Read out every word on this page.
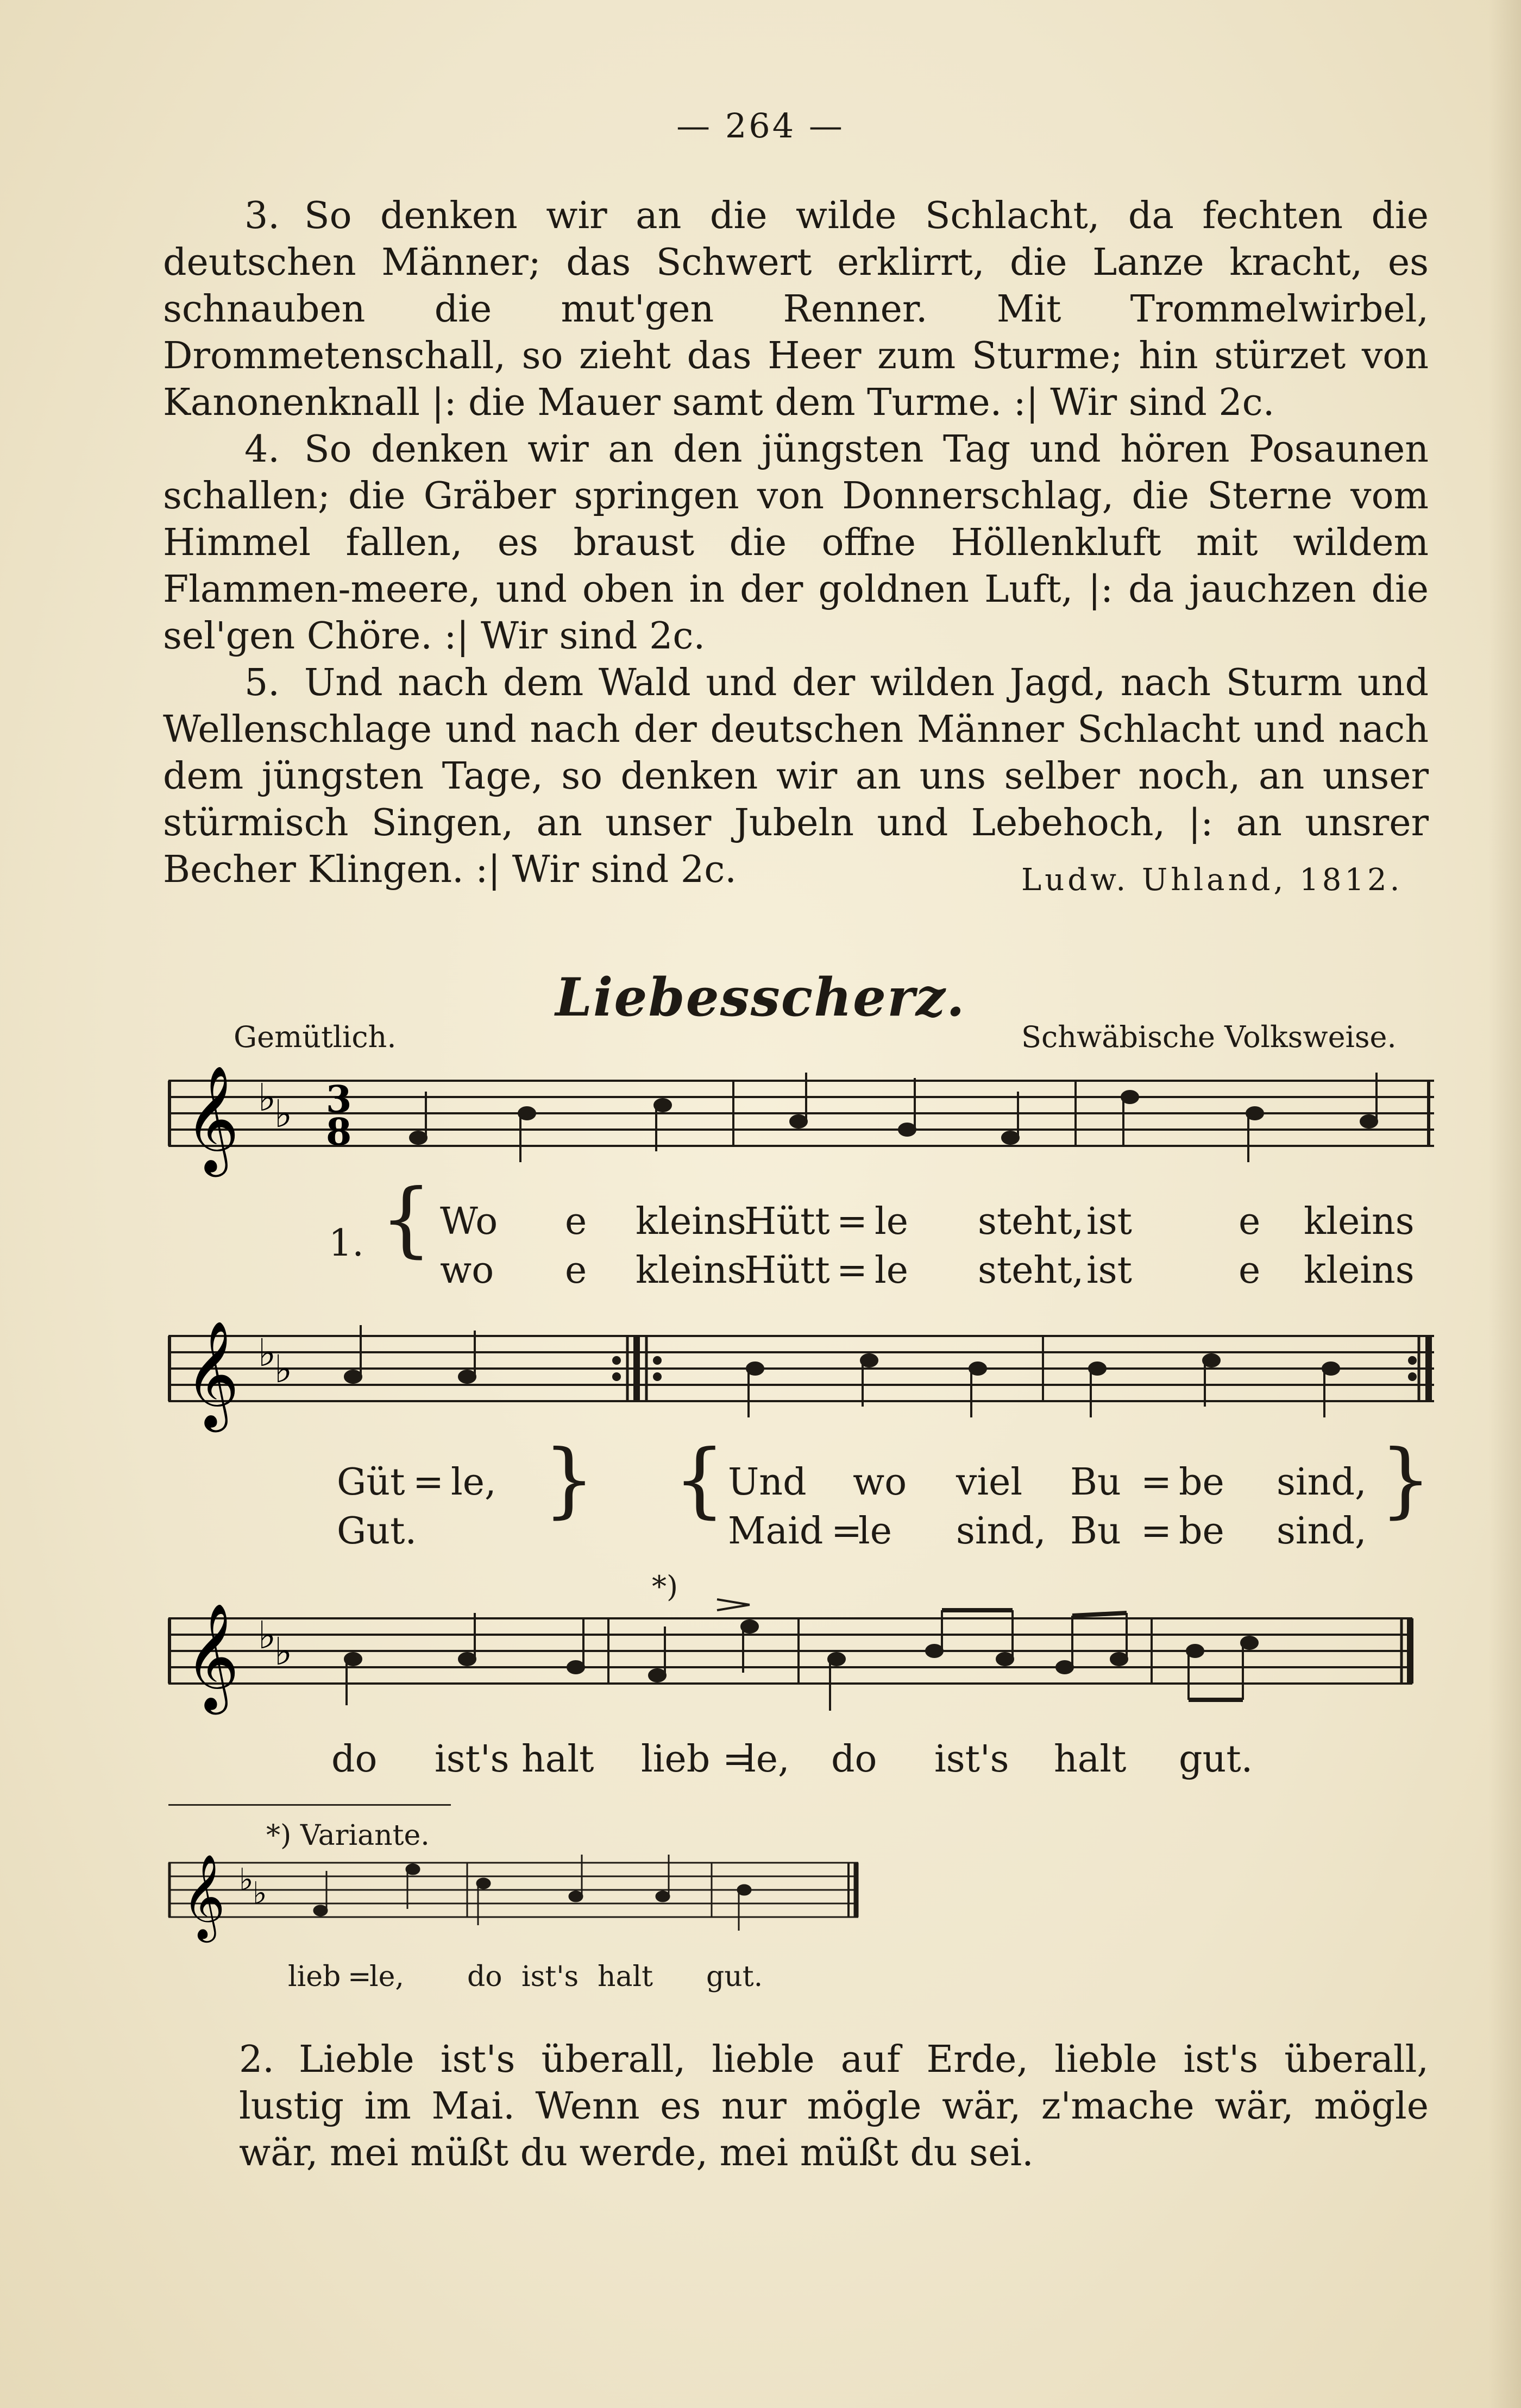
— 264 —

3. So denken wir an die wilde Schlacht, da fechten die deutschen Männer; das Schwert erklirrt, die Lanze kracht, es schnauben die mut'gen Renner. Mit Trommelwirbel, Drommetenschall, so zieht das Heer zum Sturme; hin stürzet von Kanonenknall |: die Mauer samt dem Turme. :| Wir sind 2c.

4. So denken wir an den jüngsten Tag und hören Posaunen schallen; die Gräber springen von Donnerschlag, die Sterne vom Himmel fallen, es braust die offne Höllenkluft mit wildem Flammen-meere, und oben in der goldnen Luft, |: da jauchzen die sel'gen Chöre. :| Wir sind 2c.

5. Und nach dem Wald und der wilden Jagd, nach Sturm und Wellenschlage und nach der deutschen Männer Schlacht und nach dem jüngsten Tage, so denken wir an uns selber noch, an unser stürmisch Singen, an unser Jubeln und Lebehoch, |: an unsrer Becher Klingen. :| Wir sind 2c.	Ludw. Uhland, 1812.
Liebesscherz.
Gemütlich.	Schwäbische Volksweise.
𝄞 ♭
♭ 3
8
1. { Wo e kleins
Hütt = le steht, ist	e kleins
wo e kleins
Hütt = le steht, ist	e kleins
𝄞 ♭
♭
Güt = le,
Gut.
} { Und wo viel Bu = be sind,
Maid =
le sind, Bu = be sind,
}
*)
𝄞 ♭
♭
do ist's halt lieb =
le, do ist's halt gut.
*) Variante.
𝄞 ♭
♭
lieb =
le, do ist's halt gut.

2. Lieble ist's überall, lieble auf Erde, lieble ist's überall, lustig im Mai. Wenn es nur mögle wär, z'mache wär, mögle wär, mei müßt du werde, mei müßt du sei.
